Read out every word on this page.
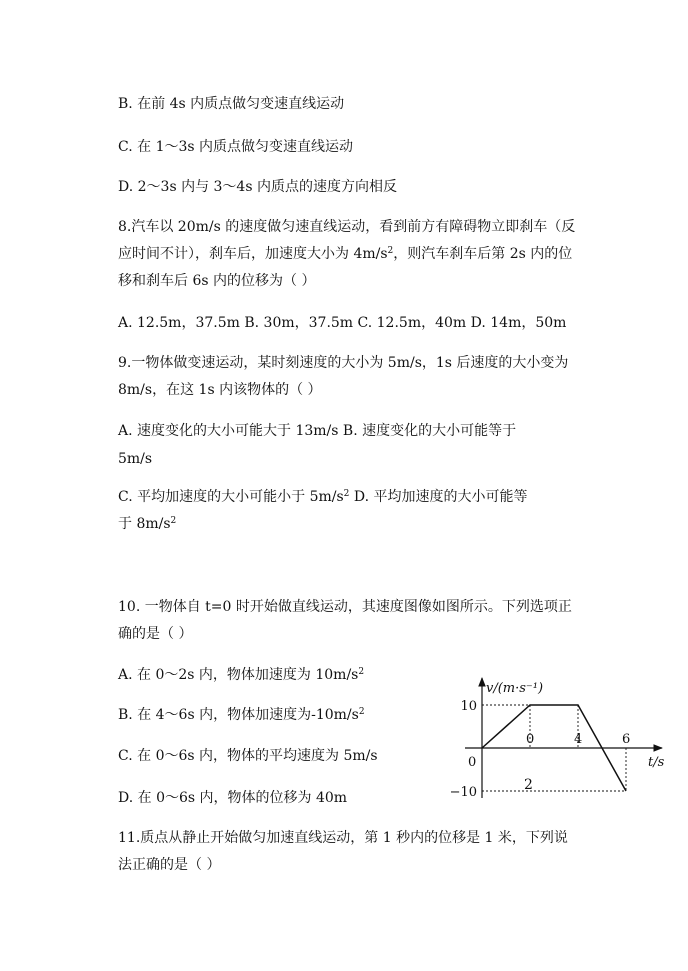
B. 在前 4s 内质点做匀变速直线运动
C. 在 1～3s 内质点做匀变速直线运动
D. 2～3s 内与 3～4s 内质点的速度方向相反
8.汽车以 20m/s 的速度做匀速直线运动，看到前方有障碍物立即刹车（反
应时间不计），刹车后，加速度大小为 $4m/s^2$，则汽车刹车后第 2s 内的位
移和刹车后 6s 内的位移为（ ）
A. 12.5m，37.5m B. 30m，37.5m C. 12.5m，40m D. 14m，50m
9.一物体做变速运动，某时刻速度的大小为 5m/s，1s 后速度的大小变为
8m/s，在这 1s 内该物体的（ ）
A. 速度变化的大小可能大于 13m/s B. 速度变化的大小可能等于
5m/s
C. 平均加速度的大小可能小于 $5m/s^2$ D. 平均加速度的大小可能等
于 $8m/s^2$
10. 一物体自 t=0 时开始做直线运动，其速度图像如图所示。下列选项正
确的是（ ）
A. 在 0～2s 内，物体加速度为 $10m/s^2$
B. 在 4～6s 内，物体加速度为$-10m/s^2$
C. 在 0～6s 内，物体的平均速度为 5m/s
D. 在 0～6s 内，物体的位移为 40m
v/(m·s⁻¹)
t/s
0
0	4	6
10
−10	2
11.质点从静止开始做匀加速直线运动，第 1 秒内的位移是 1 米，下列说
法正确的是（ ）
